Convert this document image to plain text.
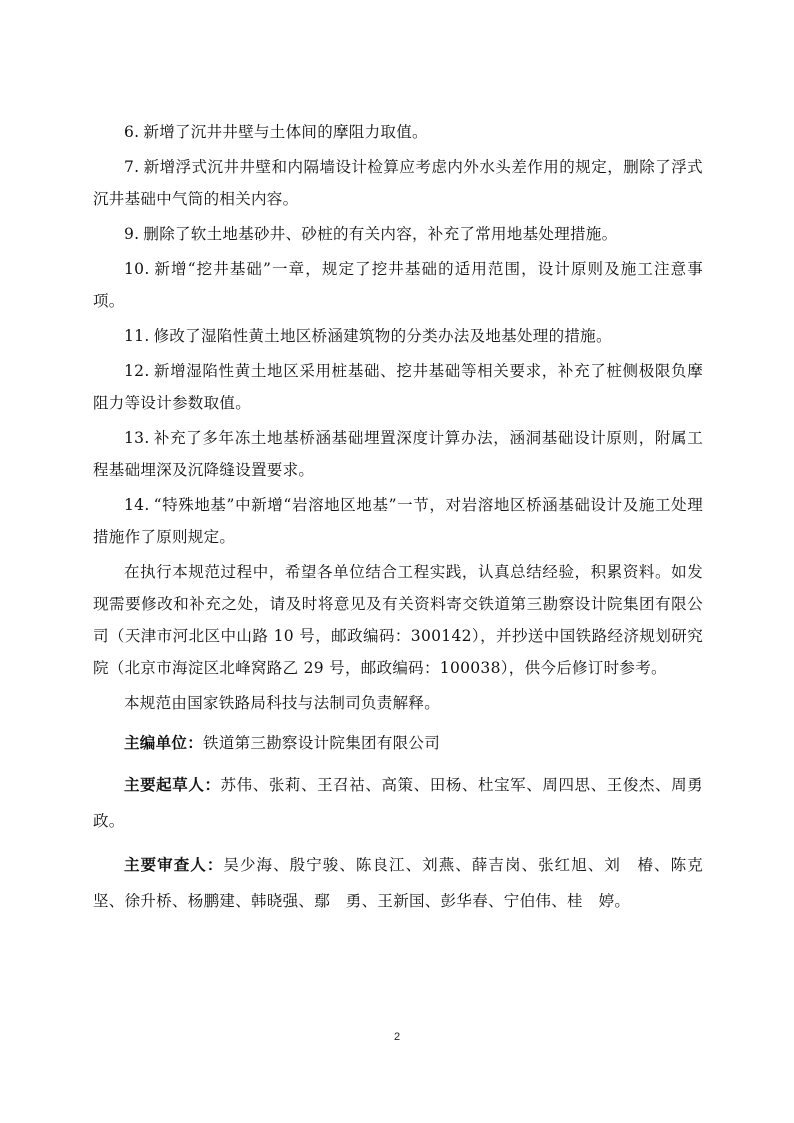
6. 新增了沉井井壁与土体间的摩阻力取值。

7. 新增浮式沉井井壁和内隔墙设计检算应考虑内外水头差作用的规定，删除了浮式沉井基础中气筒的相关内容。

9. 删除了软土地基砂井、砂桩的有关内容，补充了常用地基处理措施。

10. 新增“挖井基础”一章，规定了挖井基础的适用范围，设计原则及施工注意事项。

11. 修改了湿陷性黄土地区桥涵建筑物的分类办法及地基处理的措施。

12. 新增湿陷性黄土地区采用桩基础、挖井基础等相关要求，补充了桩侧极限负摩阻力等设计参数取值。

13. 补充了多年冻土地基桥涵基础埋置深度计算办法，涵洞基础设计原则，附属工程基础埋深及沉降缝设置要求。

14. “特殊地基”中新增“岩溶地区地基”一节，对岩溶地区桥涵基础设计及施工处理措施作了原则规定。

在执行本规范过程中，希望各单位结合工程实践，认真总结经验，积累资料。如发现需要修改和补充之处，请及时将意见及有关资料寄交铁道第三勘察设计院集团有限公司（天津市河北区中山路 10 号，邮政编码：300142），并抄送中国铁路经济规划研究院（北京市海淀区北峰窝路乙 29 号，邮政编码：100038），供今后修订时参考。

本规范由国家铁路局科技与法制司负责解释。

主编单位：铁道第三勘察设计院集团有限公司

主要起草人：苏伟、张莉、王召祜、高策、田杨、杜宝军、周四思、王俊杰、周勇政。

主要审查人：吴少海、殷宁骏、陈良江、刘燕、薛吉岗、张红旭、刘　椿、陈克坚、徐升桥、杨鹏建、韩晓强、鄢　勇、王新国、彭华春、宁伯伟、桂　婷。

2
